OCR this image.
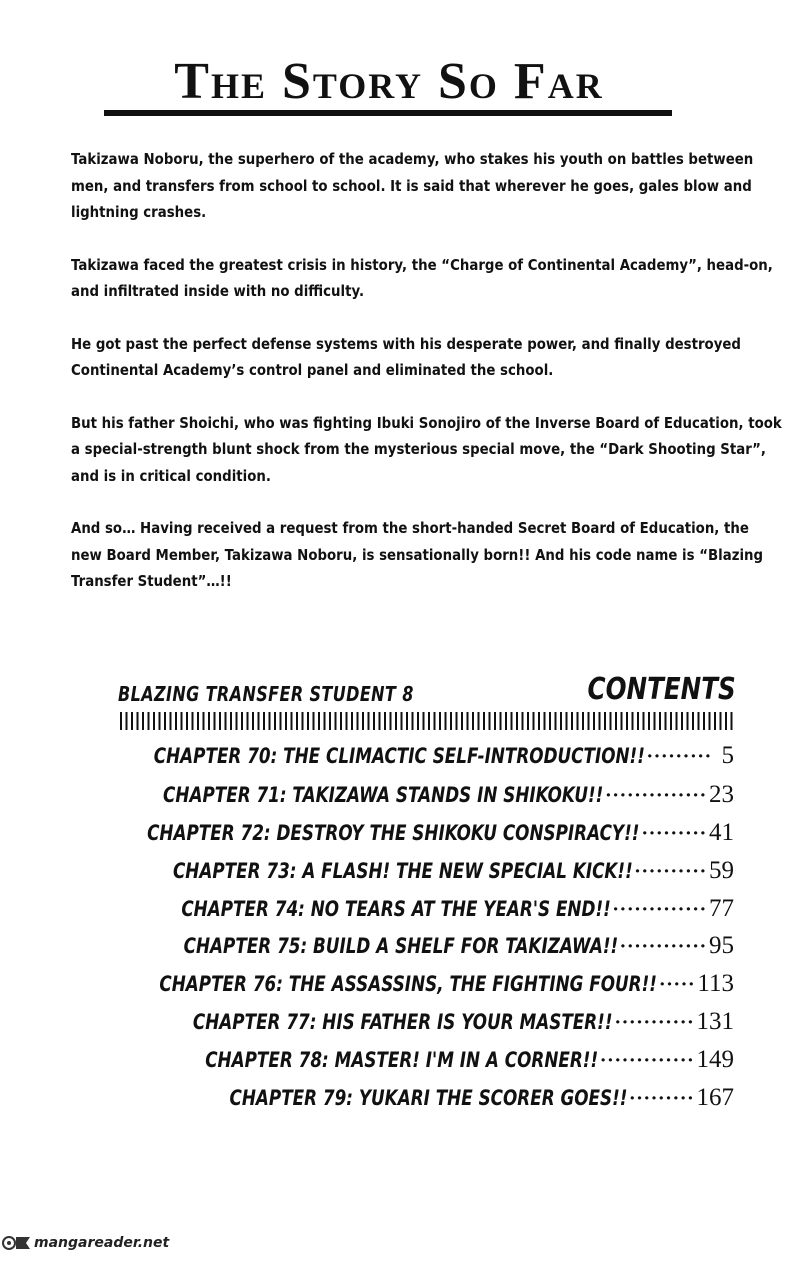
The Story So Far

Takizawa Noboru, the superhero of the academy, who stakes his youth on battles between men, and transfers from school to school. It is said that wherever he goes, gales blow and lightning crashes.

Takizawa faced the greatest crisis in history, the “Charge of Continental Academy”, head-on, and infiltrated inside with no difficulty.

He got past the perfect defense systems with his desperate power, and finally destroyed Continental Academy’s control panel and eliminated the school.

But his father Shoichi, who was fighting Ibuki Sonojiro of the Inverse Board of Education, took a special-strength blunt shock from the mysterious special move, the “Dark Shooting Star”, and is in critical condition.

And so… Having received a request from the short-handed Secret Board of Education, the new Board Member, Takizawa Noboru, is sensationally born!! And his code name is “Blazing Transfer Student”…!!

BLAZING TRANSFER STUDENT 8	CONTENTS
CHAPTER 70: THE CLIMACTIC SELF-INTRODUCTION!! ········· 5
CHAPTER 71: TAKIZAWA STANDS IN SHIKOKU!! ·············· 23
CHAPTER 72: DESTROY THE SHIKOKU CONSPIRACY!! ········· 41
CHAPTER 73: A FLASH! THE NEW SPECIAL KICK!! ·········· 59
CHAPTER 74: NO TEARS AT THE YEAR'S END!! ············· 77
CHAPTER 75: BUILD A SHELF FOR TAKIZAWA!! ············ 95
CHAPTER 76: THE ASSASSINS, THE FIGHTING FOUR!! ····· 113
CHAPTER 77: HIS FATHER IS YOUR MASTER!! ··········· 131
CHAPTER 78: MASTER! I'M IN A CORNER!! ············· 149
CHAPTER 79: YUKARI THE SCORER GOES!! ········· 167
mangareader.net
